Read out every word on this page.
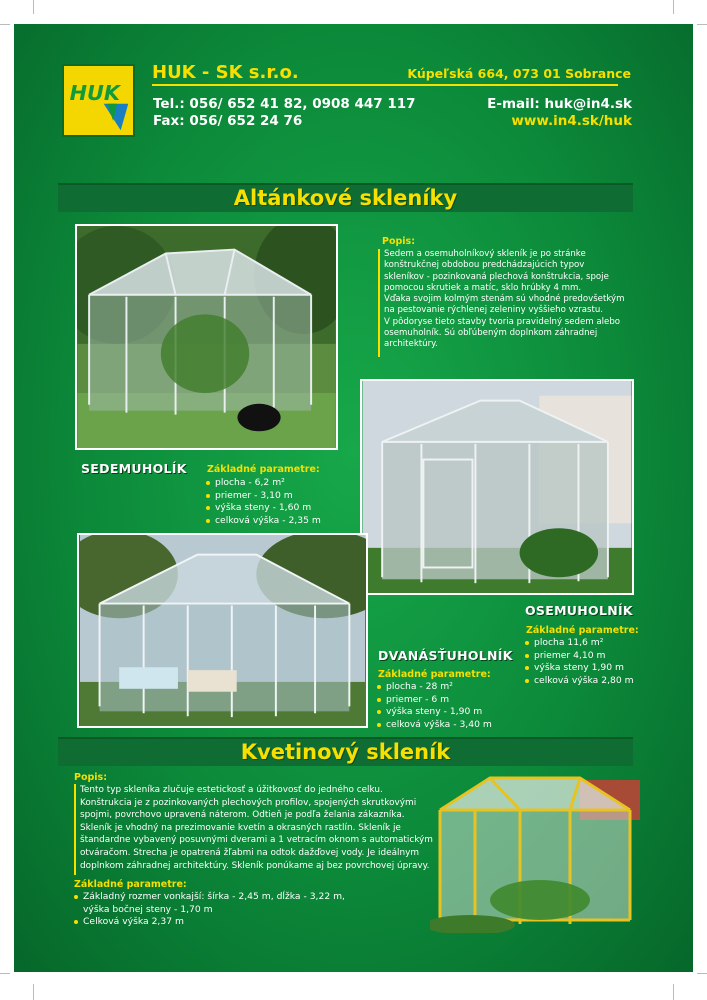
HUK
HUK - SK s.r.o.	Kúpeľská 664, 073 01 Sobrance
Tel.: 056/ 652 41 82, 0908 447 117
Fax: 056/ 652 24 76
E-mail: huk@in4.sk
www.in4.sk/huk
Altánkové skleníky
Popis:
Sedem a osemuholníkový skleník je po stránke
konštrukčnej obdobou predchádzajúcich typov
skleníkov - pozinkovaná plechová konštrukcia, spoje
pomocou skrutiek a matíc, sklo hrúbky 4 mm.
Vďaka svojim kolmým stenám sú vhodné predovšetkým
na pestovanie rýchlenej zeleniny vyššieho vzrastu.
V pôdoryse tieto stavby tvoria pravidelný sedem alebo
osemuholník. Sú obľúbeným doplnkom záhradnej
architektúry.
SEDEMUHOLÍK Základné parametre:
plocha - 6,2 m²
priemer - 3,10 m
výška steny - 1,60 m
celková výška - 2,35 m
OSEMUHOLNÍK
Základné parametre:
plocha 11,6 m²
priemer 4,10 m
výška steny 1,90 m
celková výška 2,80 m
DVANÁSŤUHOLNÍK
Základné parametre:
plocha - 28 m²
priemer - 6 m
výška steny - 1,90 m
celková výška - 3,40 m
Kvetinový skleník
Popis:
Tento typ skleníka zlučuje estetickosť a úžitkovosť do jedného celku.
Konštrukcia je z pozinkovaných plechových profilov, spojených skrutkovými
spojmi, povrchovo upravená náterom. Odtieň je podľa želania zákazníka.
Skleník je vhodný na prezimovanie kvetín a okrasných rastlín. Skleník je
štandardne vybavený posuvnými dverami a 1 vetracím oknom s automatickým
otváračom. Strecha je opatrená žľabmi na odtok dažďovej vody. Je ideálnym
doplnkom záhradnej architektúry. Skleník ponúkame aj bez povrchovej úpravy.
Základné parametre:
Základný rozmer vonkajší: šírka - 2,45 m, dĺžka - 3,22 m,
výška bočnej steny - 1,70 m
Celková výška 2,37 m
